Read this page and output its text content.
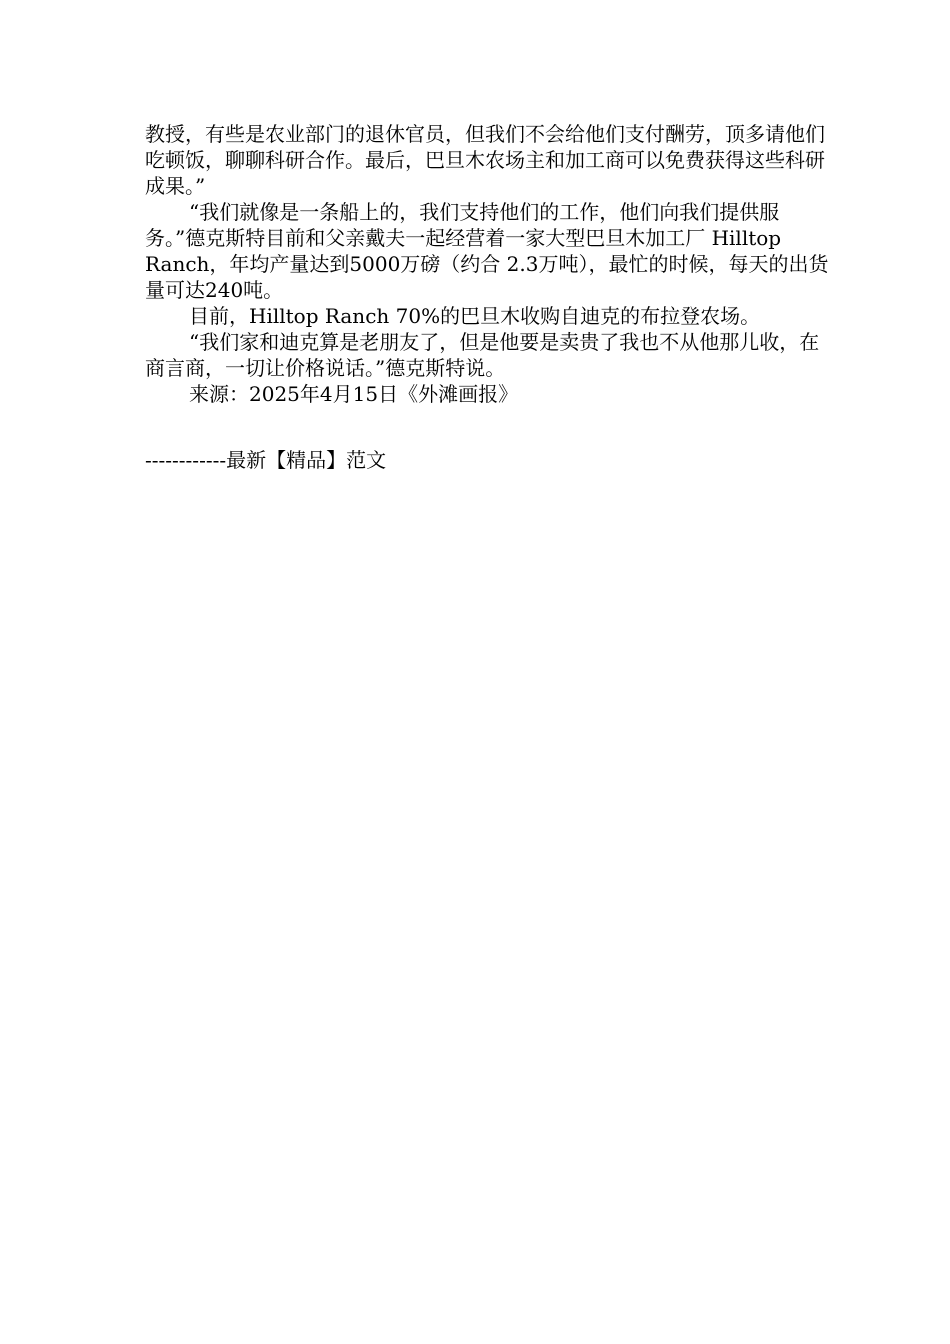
教授，有些是农业部门的退休官员，但我们不会给他们支付酬劳，顶多请他们吃顿饭，聊聊科研合作。最后，巴旦木农场主和加工商可以免费获得这些科研成果。”

“我们就像是一条船上的，我们支持他们的工作，他们向我们提供服务。”德克斯特目前和父亲戴夫一起经营着一家大型巴旦木加工厂 Hilltop Ranch，年均产量达到5000万磅（约合 2.3万吨），最忙的时候，每天的出货量可达240吨。

目前，Hilltop Ranch 70%的巴旦木收购自迪克的布拉登农场。

“我们家和迪克算是老朋友了，但是他要是卖贵了我也不从他那儿收，在商言商，一切让价格说话。”德克斯特说。

来源：2025年4月15日《外滩画报》

------------最新【精品】范文
